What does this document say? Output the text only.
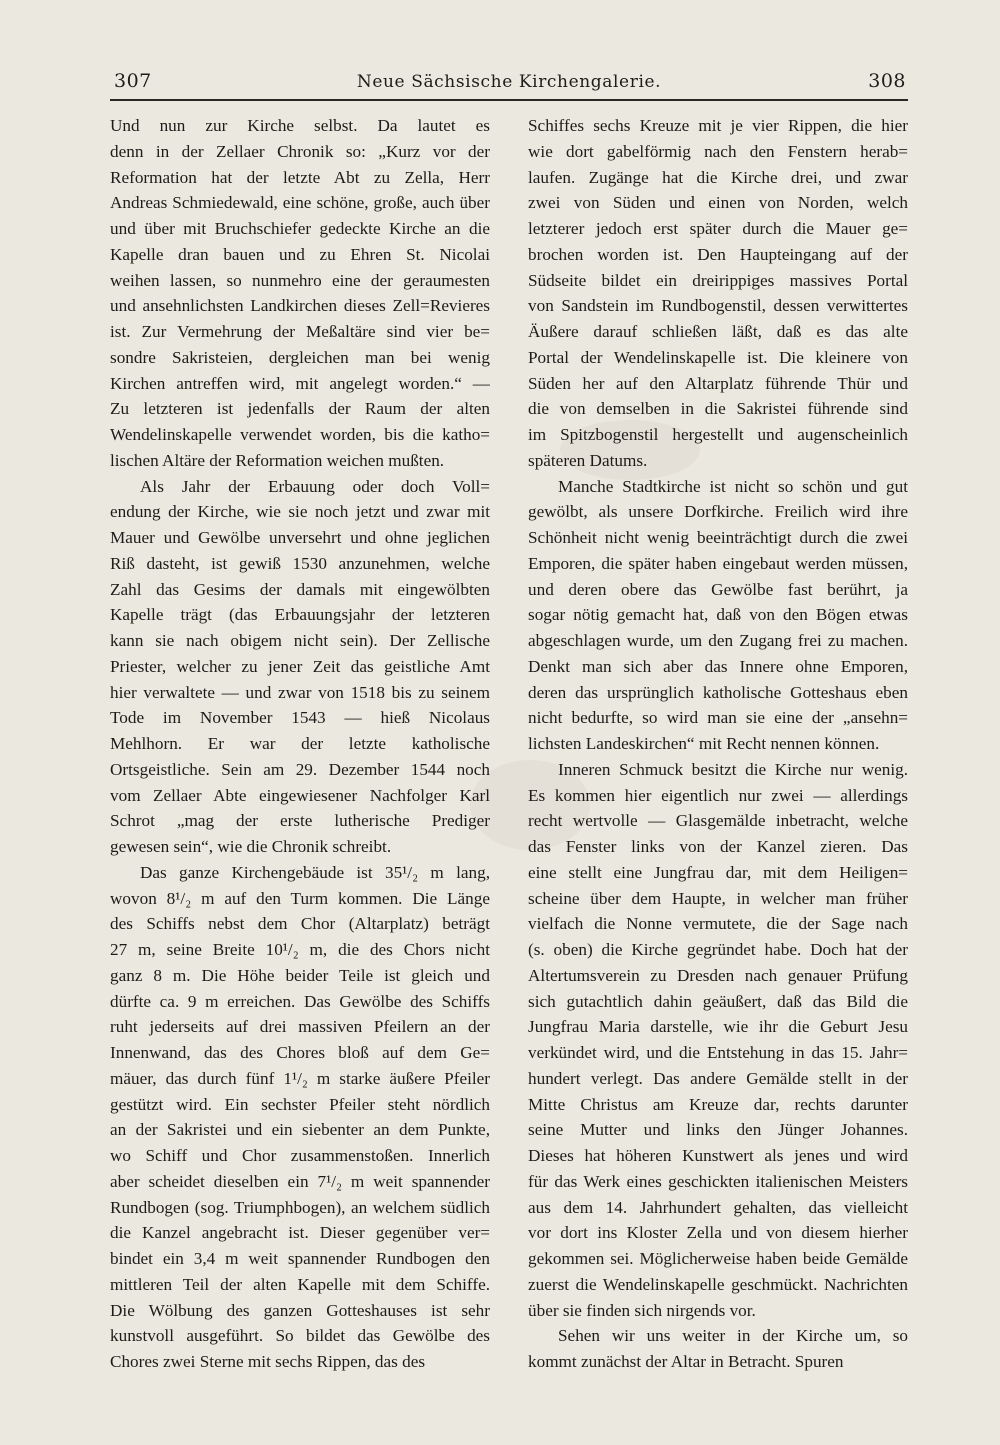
307	Neue Sächsische Kirchengalerie.	308
Und nun zur Kirche selbst. Da lautet es
denn in der Zellaer Chronik so: „Kurz vor der
Reformation hat der letzte Abt zu Zella, Herr
Andreas Schmiedewald, eine schöne, große, auch über
und über mit Bruchschiefer gedeckte Kirche an die
Kapelle dran bauen und zu Ehren St. Nicolai
weihen lassen, so nunmehro eine der geraumesten
und ansehnlichsten Landkirchen dieses Zell=Revieres
ist. Zur Vermehrung der Meßaltäre sind vier be=
sondre Sakristeien, dergleichen man bei wenig
Kirchen antreffen wird, mit angelegt worden.“ —
Zu letzteren ist jedenfalls der Raum der alten
Wendelinskapelle verwendet worden, bis die katho=
lischen Altäre der Reformation weichen mußten.
Als Jahr der Erbauung oder doch Voll=
endung der Kirche, wie sie noch jetzt und zwar mit
Mauer und Gewölbe unversehrt und ohne jeglichen
Riß dasteht, ist gewiß 1530 anzunehmen, welche
Zahl das Gesims der damals mit eingewölbten
Kapelle trägt (das Erbauungsjahr der letzteren
kann sie nach obigem nicht sein). Der Zellische
Priester, welcher zu jener Zeit das geistliche Amt
hier verwaltete — und zwar von 1518 bis zu seinem
Tode im November 1543 — hieß Nicolaus
Mehlhorn. Er war der letzte katholische
Ortsgeistliche. Sein am 29. Dezember 1544 noch
vom Zellaer Abte eingewiesener Nachfolger Karl
Schrot „mag der erste lutherische Prediger
gewesen sein“, wie die Chronik schreibt.
Das ganze Kirchengebäude ist 35¹/₂ m lang,
wovon 8¹/₂ m auf den Turm kommen. Die Länge
des Schiffs nebst dem Chor (Altarplatz) beträgt
27 m, seine Breite 10¹/₂ m, die des Chors nicht
ganz 8 m. Die Höhe beider Teile ist gleich und
dürfte ca. 9 m erreichen. Das Gewölbe des Schiffs
ruht jederseits auf drei massiven Pfeilern an der
Innenwand, das des Chores bloß auf dem Ge=
mäuer, das durch fünf 1¹/₂ m starke äußere Pfeiler
gestützt wird. Ein sechster Pfeiler steht nördlich
an der Sakristei und ein siebenter an dem Punkte,
wo Schiff und Chor zusammenstoßen. Innerlich
aber scheidet dieselben ein 7¹/₂ m weit spannender
Rundbogen (sog. Triumphbogen), an welchem südlich
die Kanzel angebracht ist. Dieser gegenüber ver=
bindet ein 3,4 m weit spannender Rundbogen den
mittleren Teil der alten Kapelle mit dem Schiffe.
Die Wölbung des ganzen Gotteshauses ist sehr
kunstvoll ausgeführt. So bildet das Gewölbe des
Chores zwei Sterne mit sechs Rippen, das des
Schiffes sechs Kreuze mit je vier Rippen, die hier
wie dort gabelförmig nach den Fenstern herab=
laufen. Zugänge hat die Kirche drei, und zwar
zwei von Süden und einen von Norden, welch
letzterer jedoch erst später durch die Mauer ge=
brochen worden ist. Den Haupteingang auf der
Südseite bildet ein dreirippiges massives Portal
von Sandstein im Rundbogenstil, dessen verwittertes
Äußere darauf schließen läßt, daß es das alte
Portal der Wendelinskapelle ist. Die kleinere von
Süden her auf den Altarplatz führende Thür und
die von demselben in die Sakristei führende sind
im Spitzbogenstil hergestellt und augenscheinlich
späteren Datums.
Manche Stadtkirche ist nicht so schön und gut
gewölbt, als unsere Dorfkirche. Freilich wird ihre
Schönheit nicht wenig beeinträchtigt durch die zwei
Emporen, die später haben eingebaut werden müssen,
und deren obere das Gewölbe fast berührt, ja
sogar nötig gemacht hat, daß von den Bögen etwas
abgeschlagen wurde, um den Zugang frei zu machen.
Denkt man sich aber das Innere ohne Emporen,
deren das ursprünglich katholische Gotteshaus eben
nicht bedurfte, so wird man sie eine der „ansehn=
lichsten Landeskirchen“ mit Recht nennen können.
Inneren Schmuck besitzt die Kirche nur wenig.
Es kommen hier eigentlich nur zwei — allerdings
recht wertvolle — Glasgemälde inbetracht, welche
das Fenster links von der Kanzel zieren. Das
eine stellt eine Jungfrau dar, mit dem Heiligen=
scheine über dem Haupte, in welcher man früher
vielfach die Nonne vermutete, die der Sage nach
(s. oben) die Kirche gegründet habe. Doch hat der
Altertumsverein zu Dresden nach genauer Prüfung
sich gutachtlich dahin geäußert, daß das Bild die
Jungfrau Maria darstelle, wie ihr die Geburt Jesu
verkündet wird, und die Entstehung in das 15. Jahr=
hundert verlegt. Das andere Gemälde stellt in der
Mitte Christus am Kreuze dar, rechts darunter
seine Mutter und links den Jünger Johannes.
Dieses hat höheren Kunstwert als jenes und wird
für das Werk eines geschickten italienischen Meisters
aus dem 14. Jahrhundert gehalten, das vielleicht
vor dort ins Kloster Zella und von diesem hierher
gekommen sei. Möglicherweise haben beide Gemälde
zuerst die Wendelinskapelle geschmückt. Nachrichten
über sie finden sich nirgends vor.
Sehen wir uns weiter in der Kirche um, so
kommt zunächst der Altar in Betracht. Spuren
